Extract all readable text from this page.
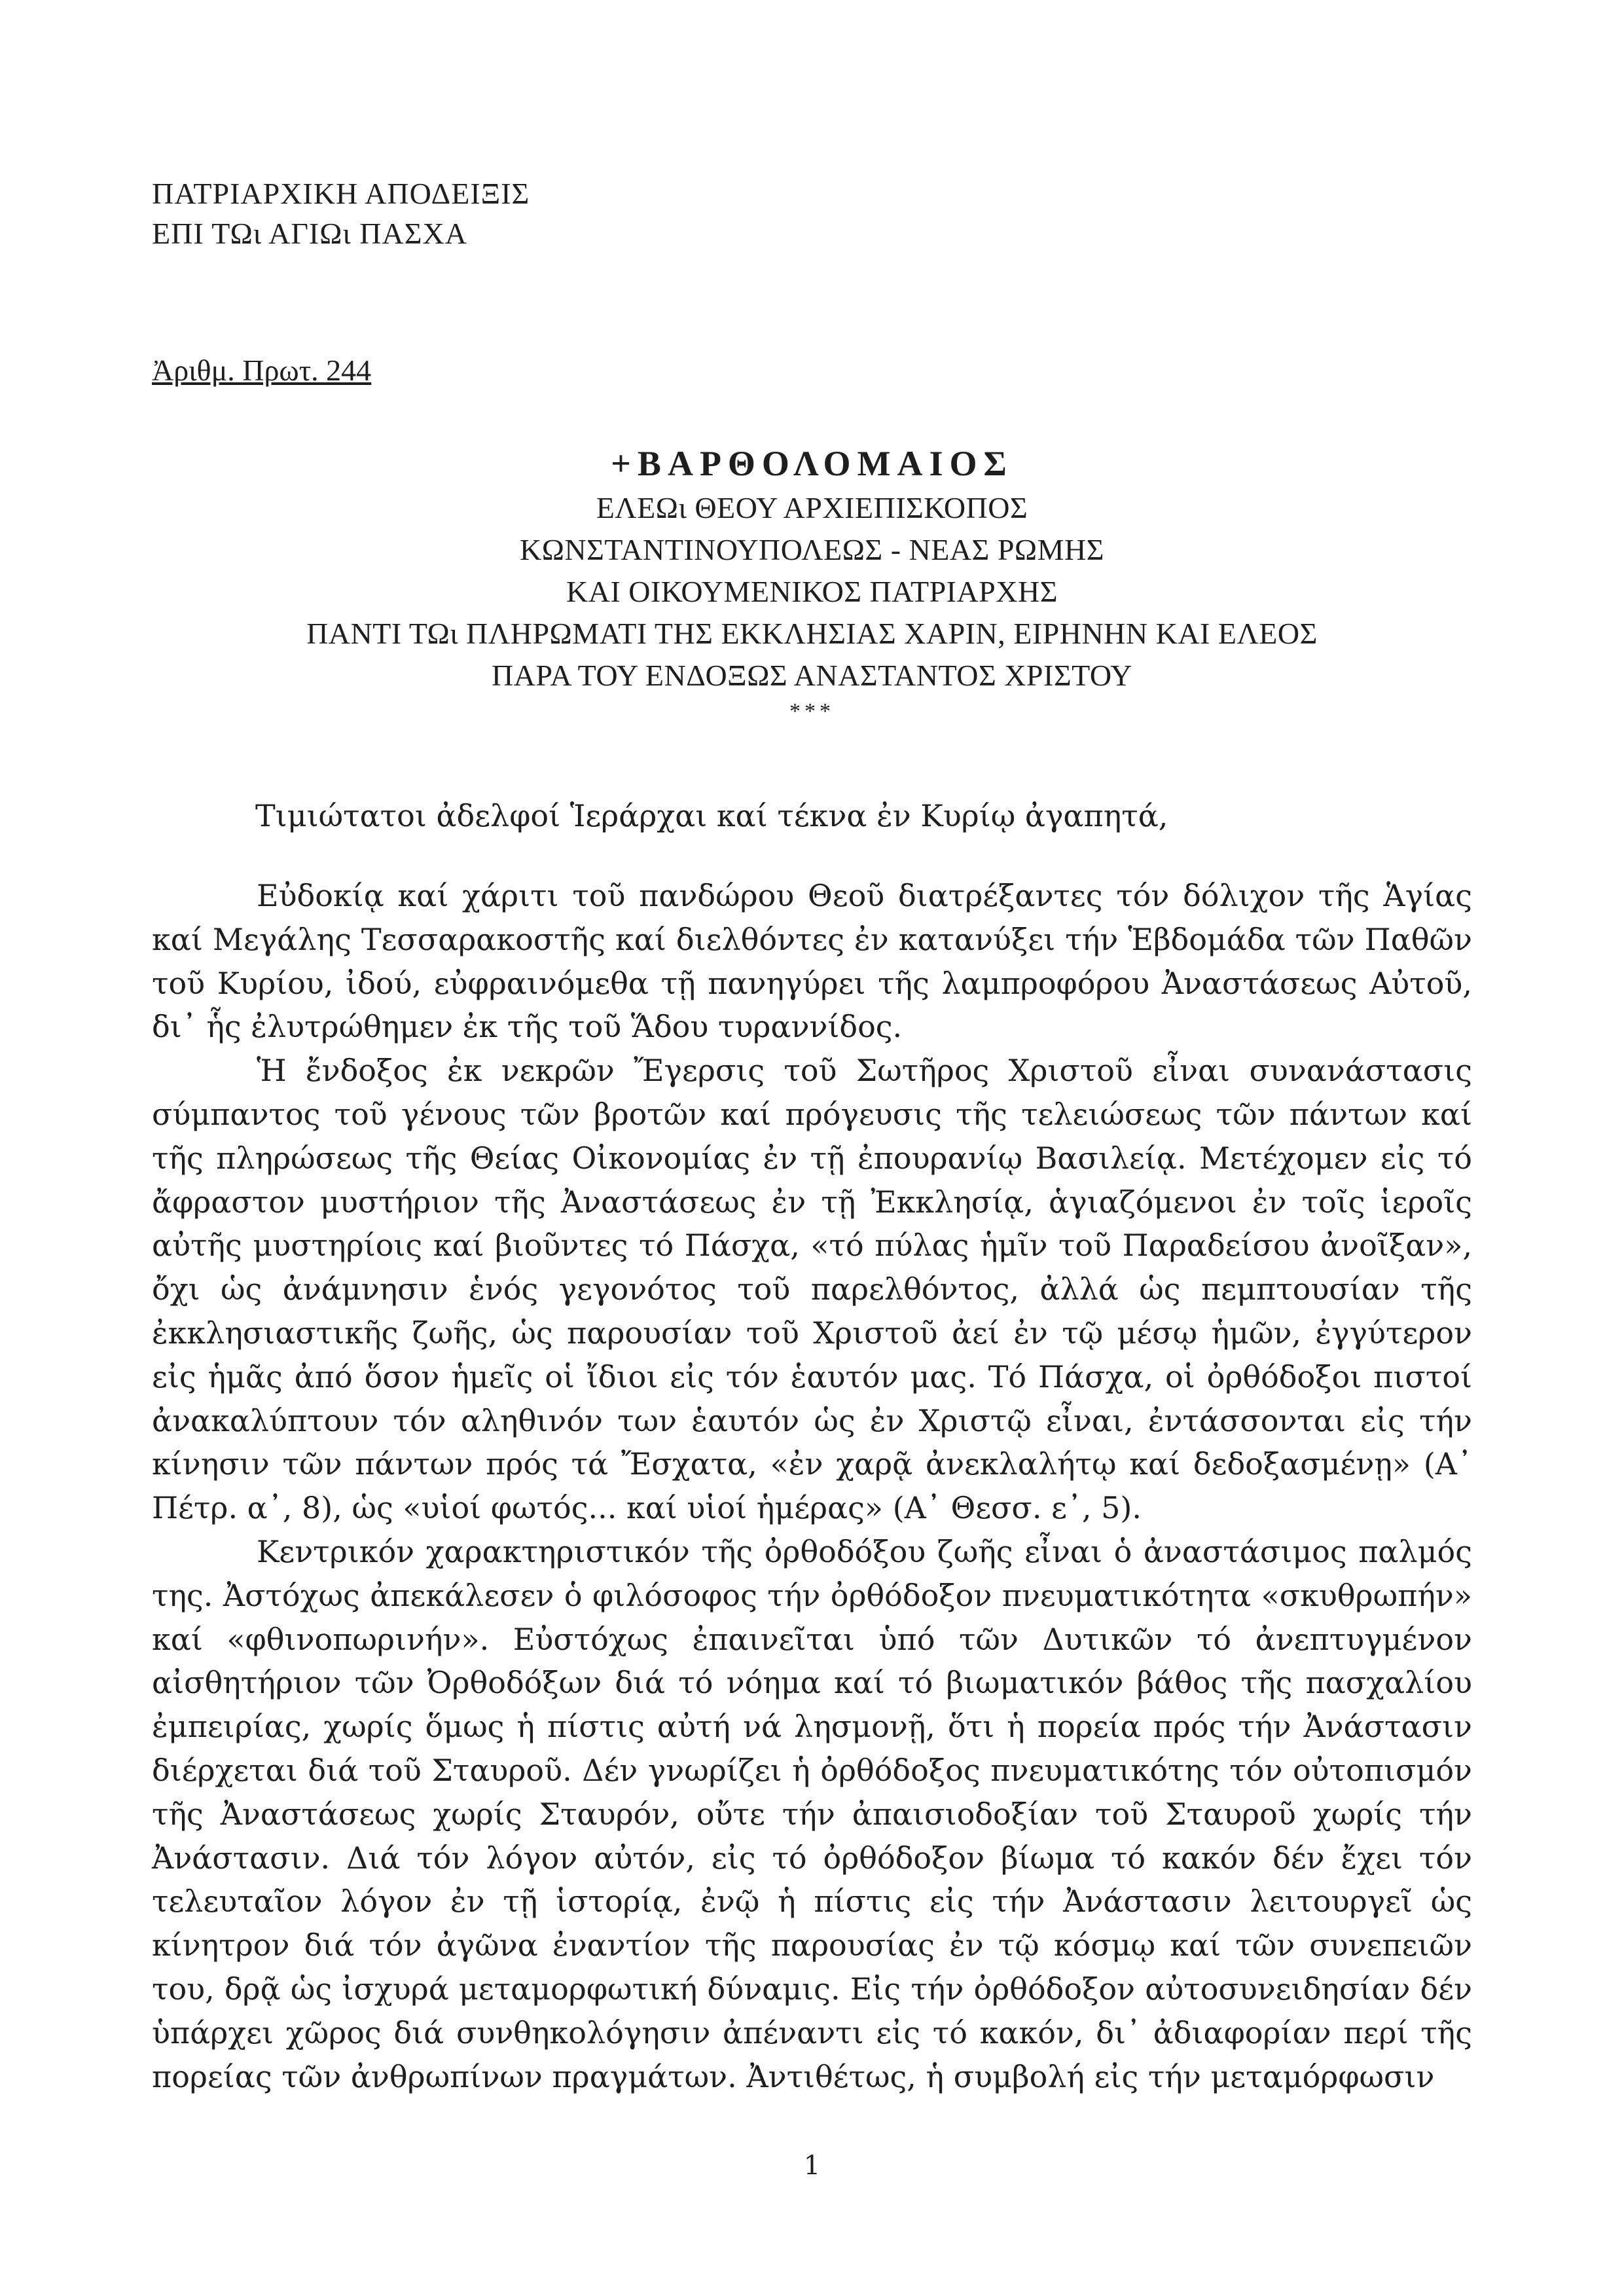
ΠΑΤΡΙΑΡΧΙΚΗ ΑΠΟΔΕΙΞΙΣ
ΕΠΙ ΤΩι ΑΓΙΩι ΠΑΣΧΑ
Ἀριθμ. Πρωτ. 244
+ΒΑΡΘΟΛΟΜΑΙΟΣ
ΕΛΕΩι ΘΕΟΥ ΑΡΧΙΕΠΙΣΚΟΠΟΣ
ΚΩΝΣΤΑΝΤΙΝΟΥΠΟΛΕΩΣ - ΝΕΑΣ ΡΩΜΗΣ
ΚΑΙ ΟΙΚΟΥΜΕΝΙΚΟΣ ΠΑΤΡΙΑΡΧΗΣ
ΠΑΝΤΙ ΤΩι ΠΛΗΡΩΜΑΤΙ ΤΗΣ ΕΚΚΛΗΣΙΑΣ ΧΑΡΙΝ, ΕΙΡΗΝΗΝ ΚΑΙ ΕΛΕΟΣ
ΠΑΡΑ ΤΟΥ ΕΝΔΟΞΩΣ ΑΝΑΣΤΑΝΤΟΣ ΧΡΙΣΤΟΥ
***
Τιμιώτατοι ἀδελφοί Ἱεράρχαι καί τέκνα ἐν Κυρίῳ ἀγαπητά,

Εὐδοκίᾳ καί χάριτι τοῦ πανδώρου Θεοῦ διατρέξαντες τόν δόλιχον τῆς Ἁγίας καί Μεγάλης Τεσσαρακοστῆς καί διελθόντες ἐν κατανύξει τήν Ἑβδομάδα τῶν Παθῶν τοῦ Κυρίου, ἰδού, εὐφραινόμεθα τῇ πανηγύρει τῆς λαμπροφόρου Ἀναστάσεως Αὐτοῦ, δι᾽ ἧς ἐλυτρώθημεν ἐκ τῆς τοῦ Ἅδου τυραννίδος.

Ἡ ἔνδοξος ἐκ νεκρῶν Ἔγερσις τοῦ Σωτῆρος Χριστοῦ εἶναι συνανάστασις σύμπαντος τοῦ γένους τῶν βροτῶν καί πρόγευσις τῆς τελειώσεως τῶν πάντων καί τῆς πληρώσεως τῆς Θείας Οἰκονομίας ἐν τῇ ἐπουρανίῳ Βασιλείᾳ. Μετέχομεν εἰς τό ἄφραστον μυστήριον τῆς Ἀναστάσεως ἐν τῇ Ἐκκλησίᾳ, ἁγιαζόμενοι ἐν τοῖς ἱεροῖς αὐτῆς μυστηρίοις καί βιοῦντες τό Πάσχα, «τό πύλας ἡμῖν τοῦ Παραδείσου ἀνοῖξαν», ὄχι ὡς ἀνάμνησιν ἑνός γεγονότος τοῦ παρελθόντος, ἀλλά ὡς πεμπτουσίαν τῆς ἐκκλησιαστικῆς ζωῆς, ὡς παρουσίαν τοῦ Χριστοῦ ἀεί ἐν τῷ μέσῳ ἡμῶν, ἐγγύτερον εἰς ἡμᾶς ἀπό ὅσον ἡμεῖς οἱ ἴδιοι εἰς τόν ἑαυτόν μας. Τό Πάσχα, οἱ ὀρθόδοξοι πιστοί ἀνακαλύπτουν τόν αληθινόν των ἑαυτόν ὡς ἐν Χριστῷ εἶναι, ἐντάσσονται εἰς τήν κίνησιν τῶν πάντων πρός τά Ἔσχατα, «ἐν χαρᾷ ἀνεκλαλήτῳ καί δεδοξασμένῃ» (Α᾽ Πέτρ. α᾽, 8), ὡς «υἱοί φωτός... καί υἱοί ἡμέρας» (Α᾽ Θεσσ. ε᾽, 5).

Κεντρικόν χαρακτηριστικόν τῆς ὀρθοδόξου ζωῆς εἶναι ὁ ἀναστάσιμος παλμός της. Ἀστόχως ἀπεκάλεσεν ὁ φιλόσοφος τήν ὀρθόδοξον πνευματικότητα «σκυθρωπήν» καί «φθινοπωρινήν». Εὐστόχως ἐπαινεῖται ὑπό τῶν Δυτικῶν τό ἀνεπτυγμένον αἰσθητήριον τῶν Ὀρθοδόξων διά τό νόημα καί τό βιωματικόν βάθος τῆς πασχαλίου ἐμπειρίας, χωρίς ὅμως ἡ πίστις αὐτή νά λησμονῇ, ὅτι ἡ πορεία πρός τήν Ἀνάστασιν διέρχεται διά τοῦ Σταυροῦ. Δέν γνωρίζει ἡ ὀρθόδοξος πνευματικότης τόν οὐτοπισμόν τῆς Ἀναστάσεως χωρίς Σταυρόν, οὔτε τήν ἀπαισιοδοξίαν τοῦ Σταυροῦ χωρίς τήν Ἀνάστασιν. Διά τόν λόγον αὐτόν, εἰς τό ὀρθόδοξον βίωμα τό κακόν δέν ἔχει τόν τελευταῖον λόγον ἐν τῇ ἱστορίᾳ, ἐνῷ ἡ πίστις εἰς τήν Ἀνάστασιν λειτουργεῖ ὡς κίνητρον διά τόν ἀγῶνα ἐναντίον τῆς παρουσίας ἐν τῷ κόσμῳ καί τῶν συνεπειῶν του, δρᾷ ὡς ἰσχυρά μεταμορφωτική δύναμις. Εἰς τήν ὀρθόδοξον αὐτοσυνειδησίαν δέν ὑπάρχει χῶρος διά συνθηκολόγησιν ἀπέναντι εἰς τό κακόν, δι᾽ ἀδιαφορίαν περί τῆς πορείας τῶν ἀνθρωπίνων πραγμάτων. Ἀντιθέτως, ἡ συμβολή εἰς τήν μεταμόρφωσιν

1
